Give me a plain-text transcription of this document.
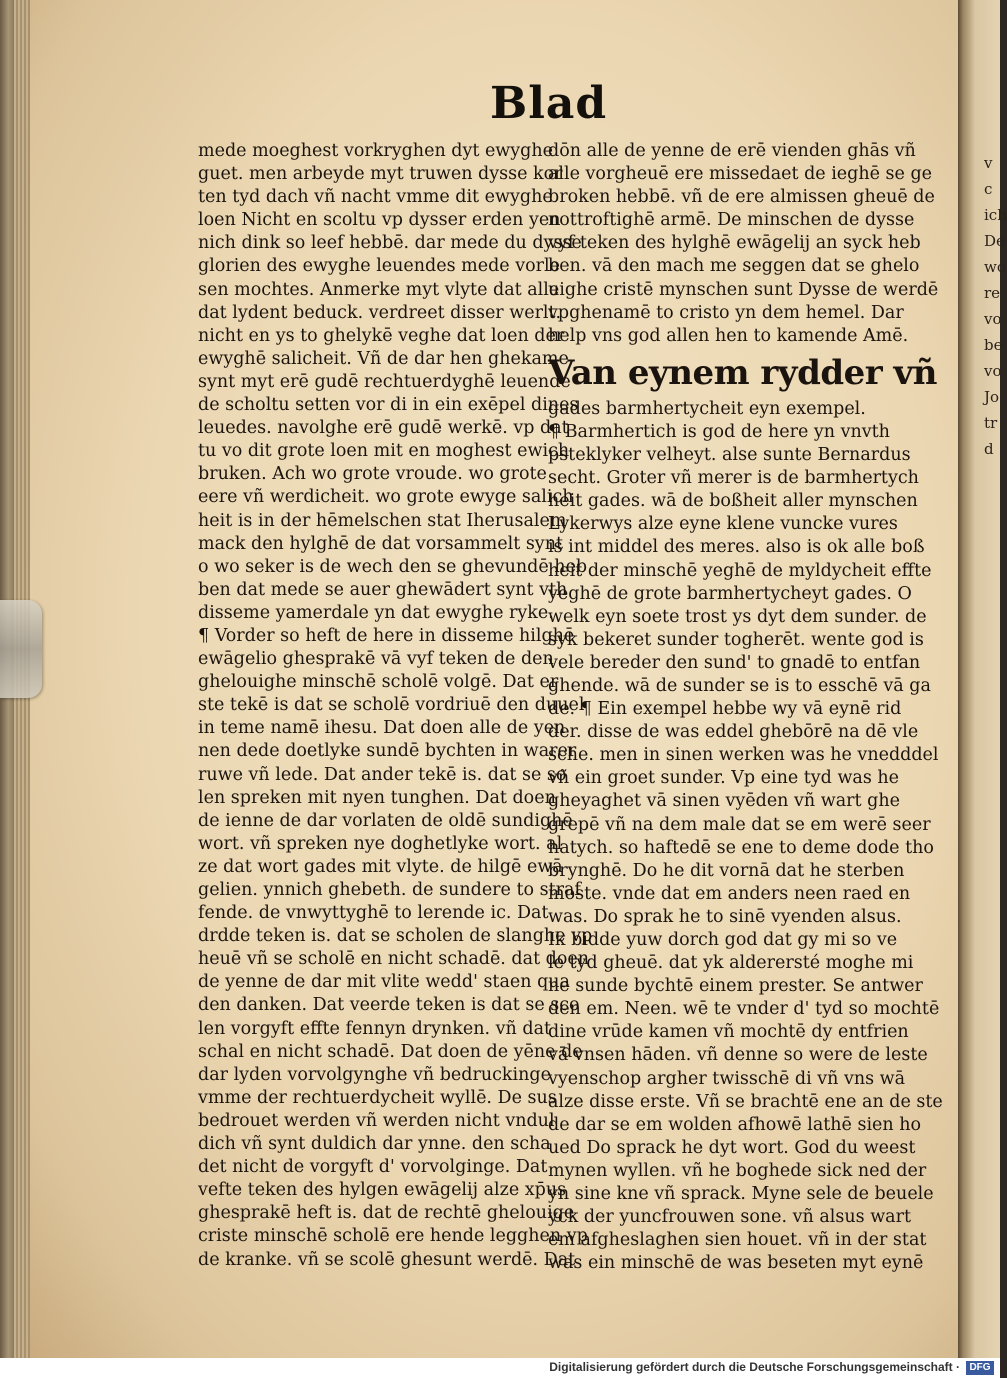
v
c
ich
De
wo
re
vo
be
vo
Jo
tr
d
Blad
mede moeghest vorkryghen dyt ewyghe
guet. men arbeyde myt truwen dysse kor
ten tyd dach vñ nacht vmme dit ewyghe
loen Nicht en scoltu vp dysser erden yen
nich dink so leef hebbē. dar mede du dysse
glorien des ewyghe leuendes mede vorle
sen mochtes. Anmerke myt vlyte dat alle
dat lydent beduck. verdreet disser werlt.
nicht en ys to ghelykē veghe dat loen der
ewyghē salicheit. Vñ de dar hen ghekame
synt myt erē gudē rechtuerdyghē leuende
de scholtu setten vor di in ein exēpel dines
leuedes. navolghe erē gudē werkē. vp dat
tu vo dit grote loen mit en moghest ewich
bruken. Ach wo grote vroude. wo grote
eere vñ werdicheit. wo grote ewyge salich
heit is in der hēmelschen stat Iherusalem
mack den hylghē de dat vorsammelt synt
o wo seker is de wech den se ghevundē heb
ben dat mede se auer ghewādert synt vth
disseme yamerdale yn dat ewyghe ryke.
¶ Vorder so heft de here in disseme hilghē
ewāgelio ghesprakē vā vyf teken de den
ghelouighe minschē scholē volgē. Dat er
ste tekē is dat se scholē vordriuē den duuel
in teme namē ihesu. Dat doen alle de yen
nen dede doetlyke sundē bychten in warer
ruwe vñ lede. Dat ander tekē is. dat se so
len spreken mit nyen tunghen. Dat doen
de ienne de dar vorlaten de oldē sundighē
wort. vñ spreken nye doghetlyke wort. al
ze dat wort gades mit vlyte. de hilgē ewā
gelien. ynnich ghebeth. de sundere to straf
fende. de vnwyttyghē to lerende ic. Dat
drdde teken is. dat se scholen de slanghe vp
heuē vñ se scholē en nicht schadē. dat doen
de yenne de dar mit vlite wedd' staen qua
den danken. Dat veerde teken is dat se sco
len vorgyft effte fennyn drynken. vñ dat
schal en nicht schadē. Dat doen de yēne de
dar lyden vorvolgynghe vñ bedruckinge
vmme der rechtuerdycheit wyllē. De sus
bedrouet werden vñ werden nicht vndul
dich vñ synt duldich dar ynne. den scha
det nicht de vorgyft d' vorvolginge. Dat
vefte teken des hylgen ewāgelij alze xp̄us
ghesprakē heft is. dat de rechtē ghelouige
criste minschē scholē ere hende legghen vp
de kranke. vñ se scolē ghesunt werdē. Dat
dōn alle de yenne de erē vienden ghās vñ
alle vorgheuē ere missedaet de ieghē se ge
broken hebbē. vñ de ere almissen gheuē de
nottroftighē armē. De minschen de dysse
vyf teken des hylghē ewāgelij an syck heb
ben. vā den mach me seggen dat se ghelo
uighe cristē mynschen sunt Dysse de werdē
vpghenamē to cristo yn dem hemel. Dar
help vns god allen hen to kamende Amē.
Van eynem rydder vñ
gades barmhertycheit eyn exempel.
¶ Barmhertich is god de here yn vnvth
psteklyker velheyt. alse sunte Bernardus
secht. Groter vñ merer is de barmhertych
heit gades. wā de boßheit aller mynschen
Lykerwys alze eyne klene vuncke vures
is int middel des meres. also is ok alle boß
heit der minschē yeghē de myldycheit effte
yeghē de grote barmhertycheyt gades. O
welk eyn soete trost ys dyt dem sunder. de
syk bekeret sunder togherēt. wente god is
vele bereder den sund' to gnadē to entfan
ghende. wā de sunder se is to esschē vā ga
de. ¶ Ein exempel hebbe wy vā eynē rid
der. disse de was eddel ghebōrē na dē vle
sche. men in sinen werken was he vnedddel
vñ ein groet sunder. Vp eine tyd was he
gheyaghet vā sinen vyēden vñ wart ghe
grepē vñ na dem male dat se em werē seer
hatych. so haftedē se ene to deme dode tho
brynghē. Do he dit vornā dat he sterben
moste. vnde dat em anders neen raed en
was. Do sprak he to sinē vyenden alsus.
Ik bidde yuw dorch god dat gy mi so ve
le tyd gheuē. dat yk alderersté moghe mi
ne sunde bychtē einem prester. Se antwer
den em. Neen. wē te vnder d' tyd so mochtē
dine vrūde kamen vñ mochtē dy entfrien
vā vnsen hāden. vñ denne so were de leste
vyenschop argher twisschē di vñ vns wā
alze disse erste. Vñ se brachtē ene an de ste
de dar se em wolden afhowē lathē sien ho
ued Do sprack he dyt wort. God du weest
mynen wyllen. vñ he boghede sick ned der
yn sine kne vñ sprack. Myne sele de beuele
yck der yuncfrouwen sone. vñ alsus wart
em afgheslaghen sien houet. vñ in der stat
was ein minschē de was beseten myt eynē
Digitalisierung gefördert durch die Deutsche Forschungsgemeinschaft · DFG
